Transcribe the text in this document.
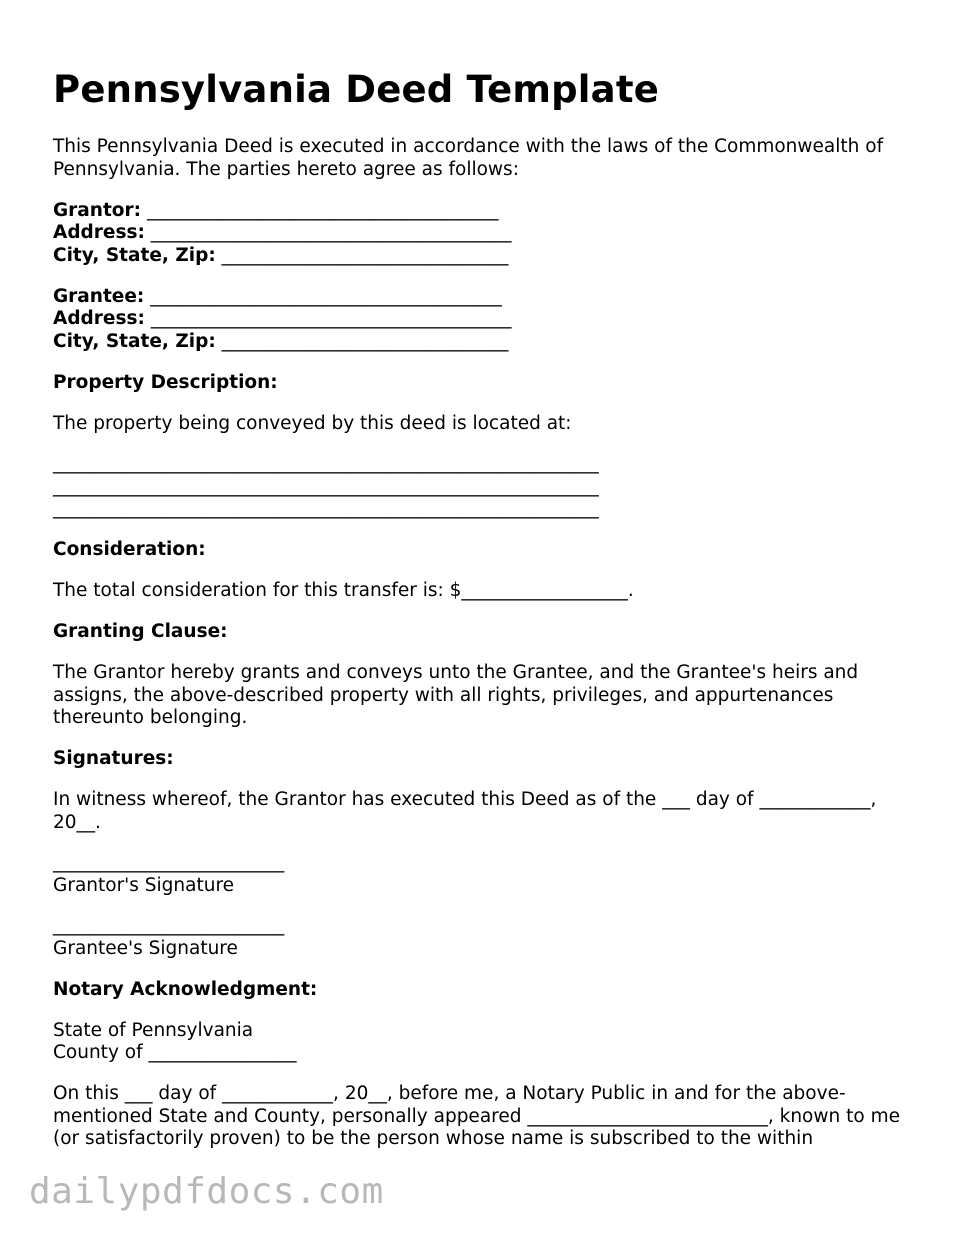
Pennsylvania Deed Template

This Pennsylvania Deed is executed in accordance with the laws of the Commonwealth of Pennsylvania. The parties hereto agree as follows:

Grantor: ______________________________________

Address: _______________________________________

City, State, Zip: _______________________________

Grantee: ______________________________________

Address: _______________________________________

City, State, Zip: _______________________________

Property Description:

The property being conveyed by this deed is located at:

___________________________________________________________

___________________________________________________________

___________________________________________________________

Consideration:

The total consideration for this transfer is: $__________________.

Granting Clause:

The Grantor hereby grants and conveys unto the Grantee, and the Grantee's heirs and assigns, the above-described property with all rights, privileges, and appurtenances thereunto belonging.

Signatures:

In witness whereof, the Grantor has executed this Deed as of the ___ day of ____________, 20__.

_________________________

Grantor's Signature

_________________________

Grantee's Signature

Notary Acknowledgment:

State of Pennsylvania

County of ________________

On this ___ day of ____________, 20__, before me, a Notary Public in and for the above-mentioned State and County, personally appeared __________________________, known to me (or satisfactorily proven) to be the person whose name is subscribed to the within

dailypdfdocs.com
